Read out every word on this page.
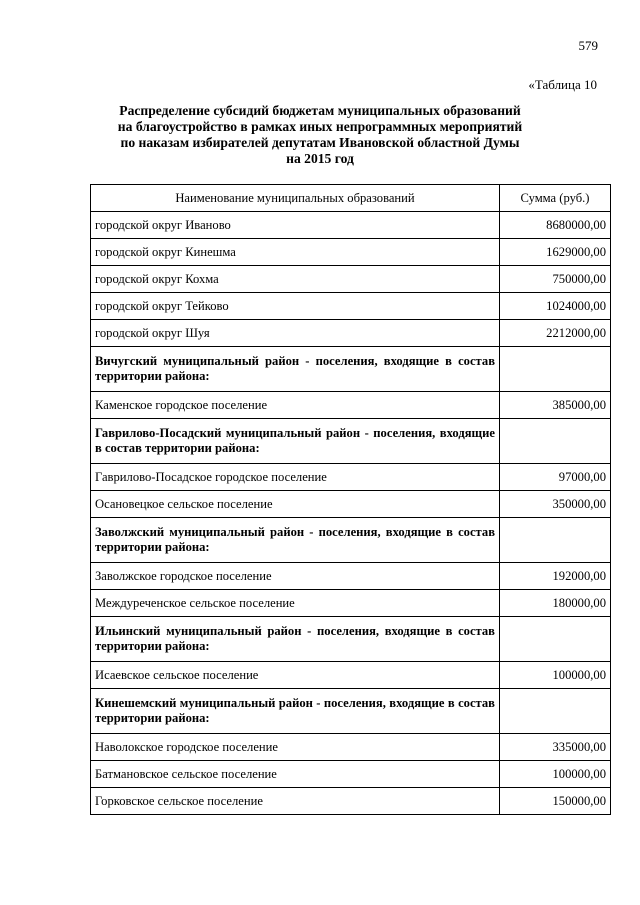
579
«Таблица 10
Распределение субсидий бюджетам муниципальных образований
на благоустройство в рамках иных непрограммных мероприятий
по наказам избирателей депутатам Ивановской областной Думы
на 2015 год
Наименование муниципальных образований	Сумма (руб.)
городской округ Иваново	8680000,00
городской округ Кинешма	1629000,00
городской округ Кохма	750000,00
городской округ Тейково	1024000,00
городской округ Шуя	2212000,00

Вичугский муниципальный район - поселения, входящие в состав территории района:	

Каменское городское поселение	385000,00

Гаврилово-Посадский муниципальный район - поселения, входящие в состав территории района:	

Гаврилово-Посадское городское поселение	97000,00
Осановецкое сельское поселение	350000,00

Заволжский муниципальный район - поселения, входящие в состав территории района:	

Заволжское городское поселение	192000,00
Междуреченское сельское поселение	180000,00

Ильинский муниципальный район - поселения, входящие в состав территории района:	

Исаевское сельское поселение	100000,00

Кинешемский муниципальный район - поселения, входящие в состав территории района:	

Наволокское городское поселение	335000,00
Батмановское сельское поселение	100000,00
Горковское сельское поселение	150000,00
